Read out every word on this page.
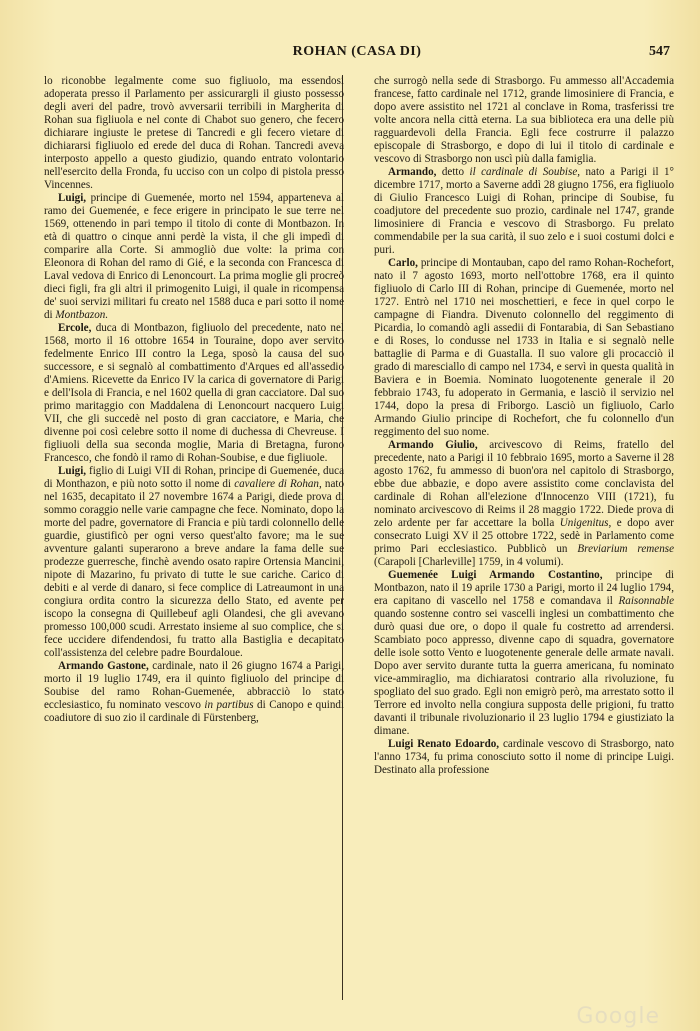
ROHAN (CASA DI)	547

lo riconobbe legalmente come suo figliuolo, ma essendosi adoperata presso il Parlamento per assicurargli il giusto possesso degli averi del padre, trovò avversarii terribili in Margherita di Rohan sua figliuola e nel conte di Chabot suo genero, che fecero dichiarare ingiuste le pretese di Tancredi e gli fecero vietare di dichiararsi figliuolo ed erede del duca di Rohan. Tancredi aveva interposto appello a questo giudizio, quando entrato volontario nell'esercito della Fronda, fu ucciso con un colpo di pistola presso Vincennes.

Luigi, principe di Guemenée, morto nel 1594, apparteneva al ramo dei Guemenée, e fece erigere in principato le sue terre nel 1569, ottenendo in pari tempo il titolo di conte di Montbazon. In età di quattro o cinque anni perdè la vista, il che gli impedì di comparire alla Corte. Si ammogliò due volte: la prima con Eleonora di Rohan del ramo di Gié, e la seconda con Francesca di Laval vedova di Enrico di Lenoncourt. La prima moglie gli procreò dieci figli, fra gli altri il primogenito Luigi, il quale in ricompensa de' suoi servizi militari fu creato nel 1588 duca e pari sotto il nome di Montbazon.

Ercole, duca di Montbazon, figliuolo del precedente, nato nel 1568, morto il 16 ottobre 1654 in Touraine, dopo aver servito fedelmente Enrico III contro la Lega, sposò la causa del suo successore, e si segnalò al combattimento d'Arques ed all'assedio d'Amiens. Ricevette da Enrico IV la carica di governatore di Parigi e dell'Isola di Francia, e nel 1602 quella di gran cacciatore. Dal suo primo maritaggio con Maddalena di Lenoncourt nacquero Luigi VII, che gli succedè nel posto di gran cacciatore, e Maria, che divenne poi così celebre sotto il nome di duchessa di Chevreuse. I figliuoli della sua seconda moglie, Maria di Bretagna, furono Francesco, che fondò il ramo di Rohan-Soubise, e due figliuole.

Luigi, figlio di Luigi VII di Rohan, principe di Guemenée, duca di Monthazon, e più noto sotto il nome di cavaliere di Rohan, nato nel 1635, decapitato il 27 novembre 1674 a Parigi, diede prova di sommo coraggio nelle varie campagne che fece. Nominato, dopo la morte del padre, governatore di Francia e più tardi colonnello delle guardie, giustificò per ogni verso quest'alto favore; ma le sue avventure galanti superarono a breve andare la fama delle sue prodezze guerresche, finchè avendo osato rapire Ortensia Mancini, nipote di Mazarino, fu privato di tutte le sue cariche. Carico di debiti e al verde di danaro, si fece complice di Latreaumont in una congiura ordita contro la sicurezza dello Stato, ed avente per iscopo la consegna di Quillebeuf agli Olandesi, che gli avevano promesso 100,000 scudi. Arrestato insieme al suo complice, che si fece uccidere difendendosi, fu tratto alla Bastiglia e decapitato coll'assistenza del celebre padre Bourdaloue.

Armando Gastone, cardinale, nato il 26 giugno 1674 a Parigi, morto il 19 luglio 1749, era il quinto figliuolo del principe di Soubise del ramo Rohan-Guemenée, abbracciò lo stato ecclesiastico, fu nominato vescovo in partibus di Canopo e quindi coadiutore di suo zio il cardinale di Fürstenberg,

che surrogò nella sede di Strasborgo. Fu ammesso all'Accademia francese, fatto cardinale nel 1712, grande limosiniere di Francia, e dopo avere assistito nel 1721 al conclave in Roma, trasferissi tre volte ancora nella città eterna. La sua biblioteca era una delle più ragguardevoli della Francia. Egli fece costrurre il palazzo episcopale di Strasborgo, e dopo di lui il titolo di cardinale e vescovo di Strasborgo non uscì più dalla famiglia.

Armando, detto il cardinale di Soubise, nato a Parigi il 1° dicembre 1717, morto a Saverne addì 28 giugno 1756, era figliuolo di Giulio Francesco Luigi di Rohan, principe di Soubise, fu coadjutore del precedente suo prozio, cardinale nel 1747, grande limosiniere di Francia e vescovo di Strasborgo. Fu prelato commendabile per la sua carità, il suo zelo e i suoi costumi dolci e puri.

Carlo, principe di Montauban, capo del ramo Rohan-Rochefort, nato il 7 agosto 1693, morto nell'ottobre 1768, era il quinto figliuolo di Carlo III di Rohan, principe di Guemenée, morto nel 1727. Entrò nel 1710 nei moschettieri, e fece in quel corpo le campagne di Fiandra. Divenuto colonnello del reggimento di Picardia, lo comandò agli assedii di Fontarabia, di San Sebastiano e di Roses, lo condusse nel 1733 in Italia e si segnalò nelle battaglie di Parma e di Guastalla. Il suo valore gli procacciò il grado di maresciallo di campo nel 1734, e servì in questa qualità in Baviera e in Boemia. Nominato luogotenente generale il 20 febbraio 1743, fu adoperato in Germania, e lasciò il servizio nel 1744, dopo la presa di Friborgo. Lasciò un figliuolo, Carlo Armando Giulio principe di Rochefort, che fu colonnello d'un reggimento del suo nome.

Armando Giulio, arcivescovo di Reims, fratello del precedente, nato a Parigi il 10 febbraio 1695, morto a Saverne il 28 agosto 1762, fu ammesso di buon'ora nel capitolo di Strasborgo, ebbe due abbazie, e dopo avere assistito come conclavista del cardinale di Rohan all'elezione d'Innocenzo VIII (1721), fu nominato arcivescovo di Reims il 28 maggio 1722. Diede prova di zelo ardente per far accettare la bolla Unigenitus, e dopo aver consecrato Luigi XV il 25 ottobre 1722, sedè in Parlamento come primo Pari ecclesiastico. Pubblicò un Breviarium remense (Carapoli [Charleville] 1759, in 4 volumi).

Guemenée Luigi Armando Costantino, principe di Montbazon, nato il 19 aprile 1730 a Parigi, morto il 24 luglio 1794, era capitano di vascello nel 1758 e comandava il Raisonnable quando sostenne contro sei vascelli inglesi un combattimento che durò quasi due ore, o dopo il quale fu costretto ad arrendersi. Scambiato poco appresso, divenne capo di squadra, governatore delle isole sotto Vento e luogotenente generale delle armate navali. Dopo aver servito durante tutta la guerra americana, fu nominato vice-ammiraglio, ma dichiaratosi contrario alla rivoluzione, fu spogliato del suo grado. Egli non emigrò però, ma arrestato sotto il Terrore ed involto nella congiura supposta delle prigioni, fu tratto davanti il tribunale rivoluzionario il 23 luglio 1794 e giustiziato la dimane.

Luigi Renato Edoardo, cardinale vescovo di Strasborgo, nato l'anno 1734, fu prima conosciuto sotto il nome di principe Luigi. Destinato alla professione

Google
